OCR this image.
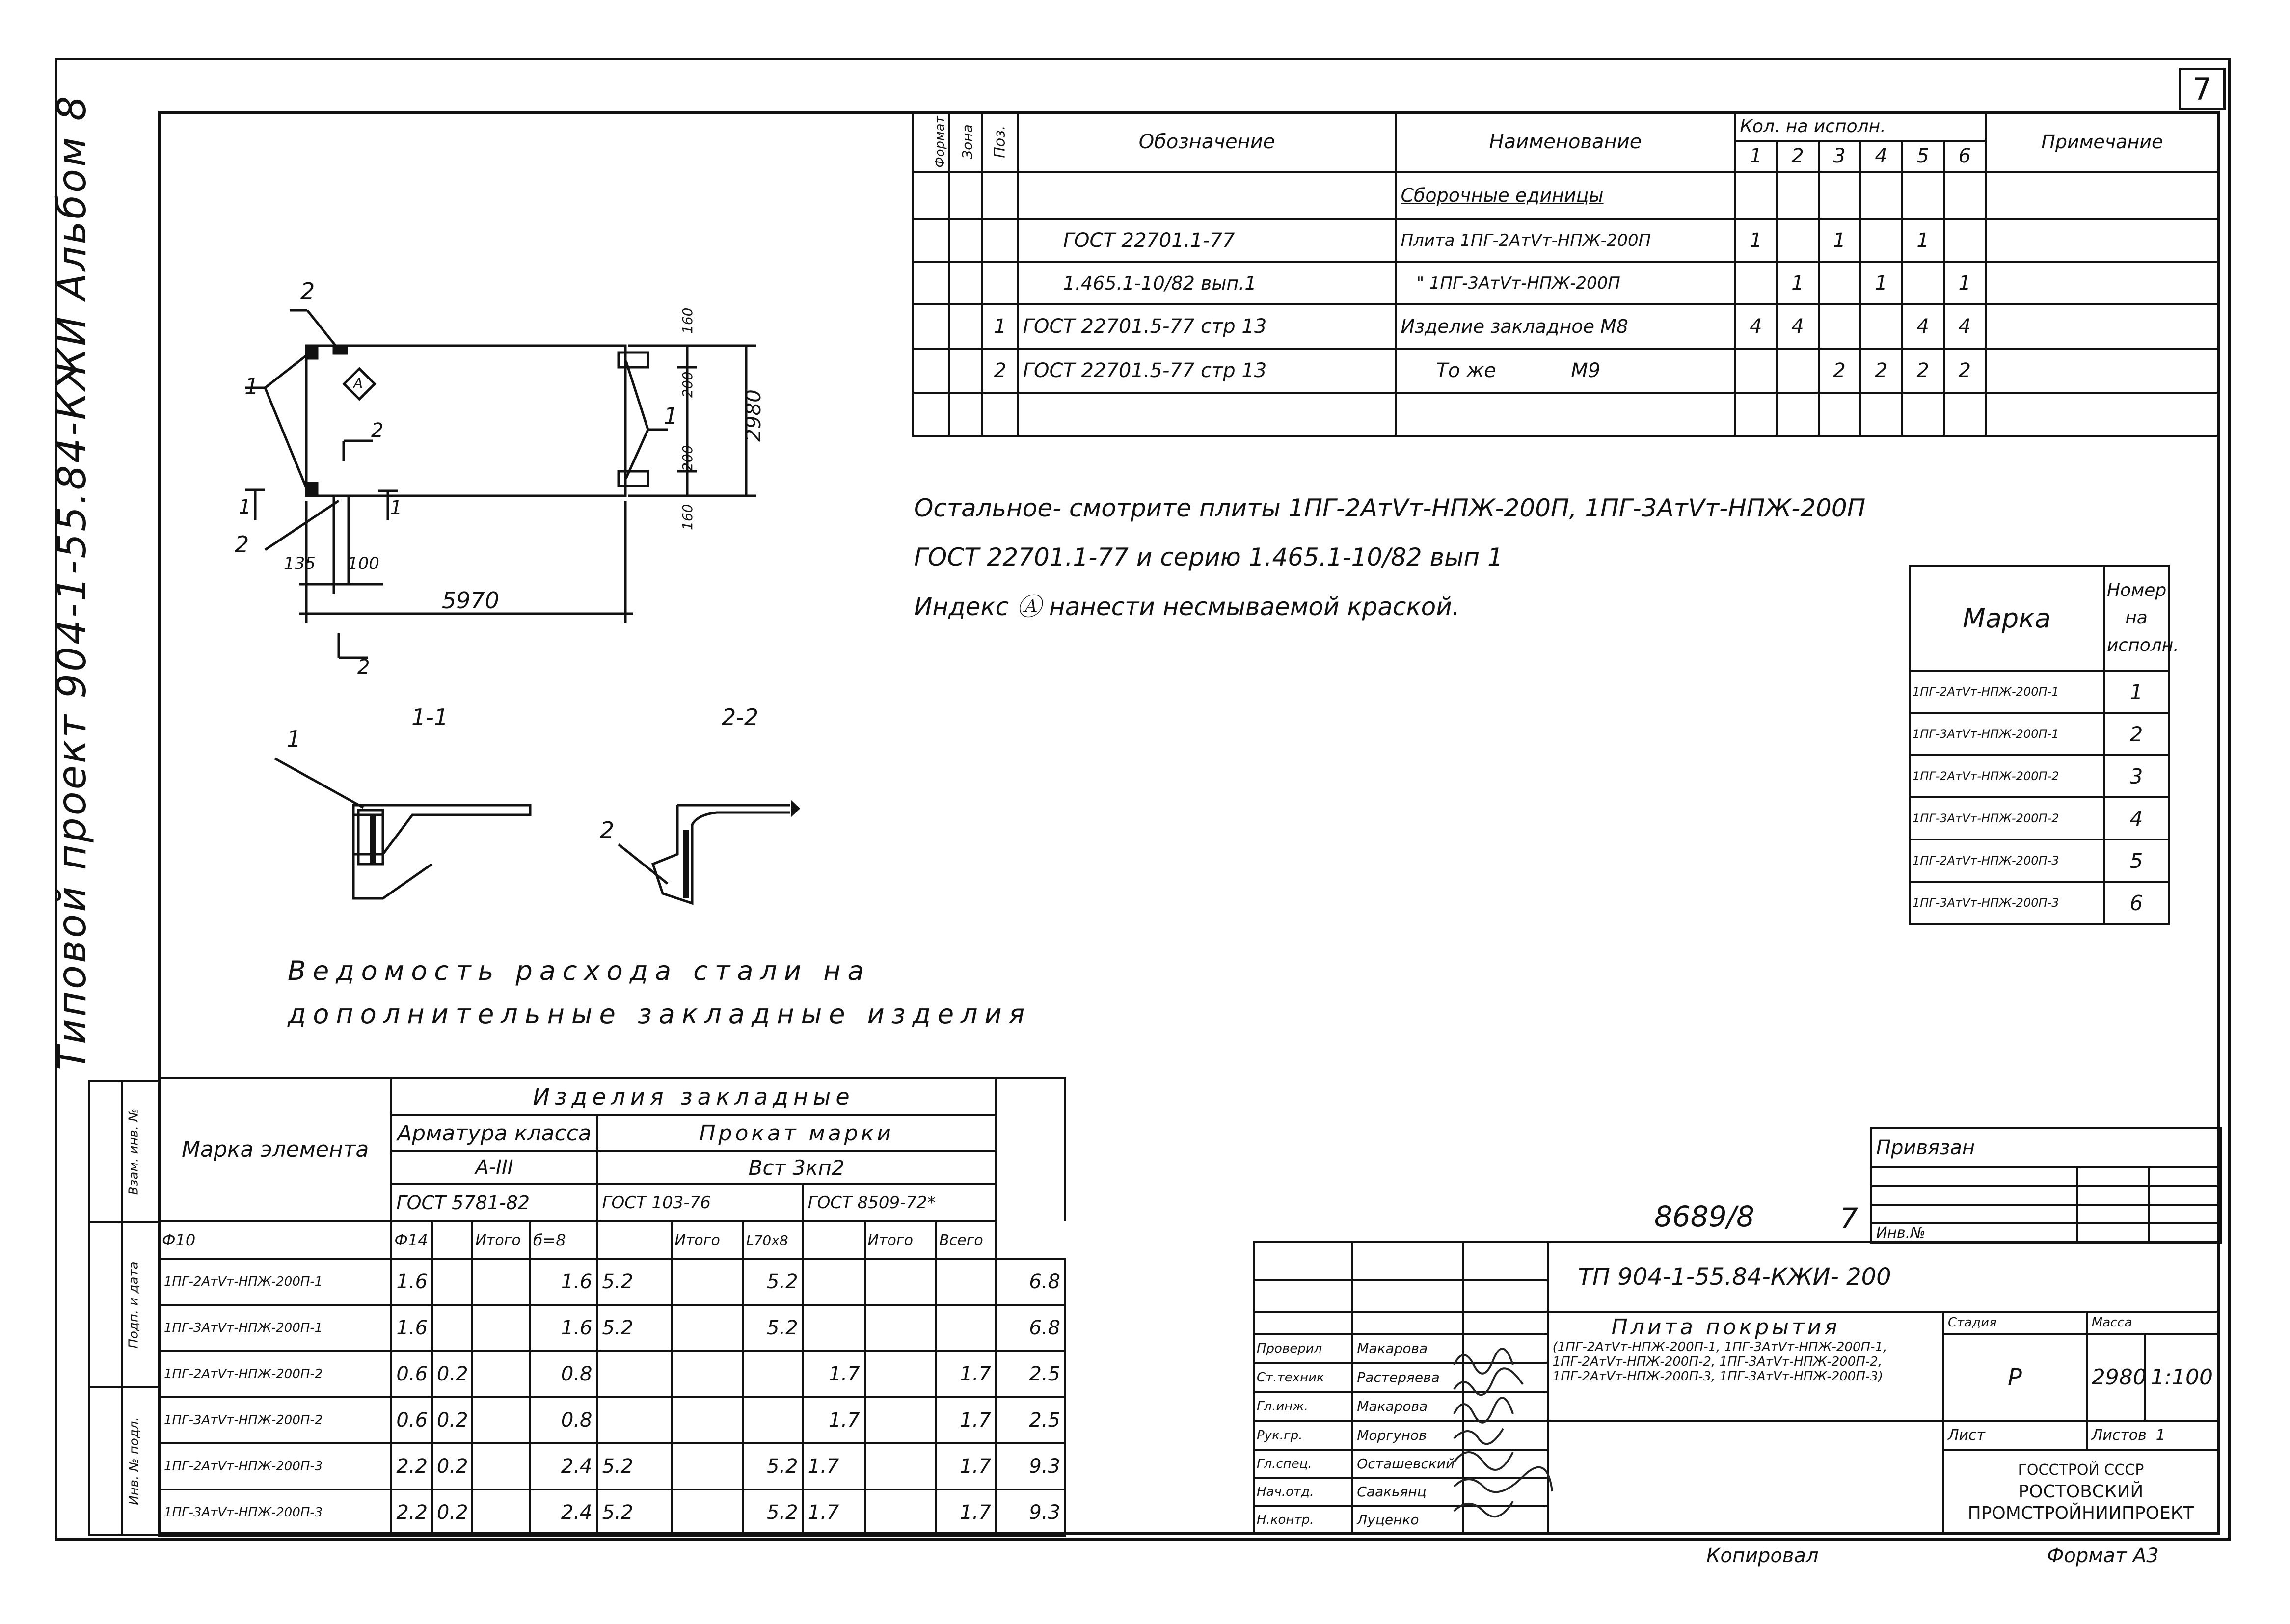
7
Типовой проект 904-1-55.84-КЖИ Альбом 8	Формат	Зона	Поз.	Обозначение	Наименование	Кол. на исполн.						Примечание
					1	2	3	4	5	6	
				Сборочные единицы							
			ГОСТ 22701.1-77	Плита 1ПГ-2АтVт-НПЖ-200П	1		1		1		
			1.465.1-10/82 вып.1	" 1ПГ-3АтVт-НПЖ-200П		1		1		1	
		1	ГОСТ 22701.5-77 стр 13	Изделие закладное М8	4	4			4	4	
		2	ГОСТ 22701.5-77 стр 13	То же            М9			2	2	2	2	

Остальное- смотрите плиты 1ПГ-2АтVт-НПЖ-200П, 1ПГ-3АтVт-НПЖ-200П
ГОСТ 22701.1-77 и серию 1.465.1-10/82 вып 1
Индекс Ⓐ нанести несмываемой краской.	Марка	Номер на исполн.
1ПГ-2АтVт-НПЖ-200П-1	1
1ПГ-3АтVт-НПЖ-200П-1	2
1ПГ-2АтVт-НПЖ-200П-2	3
1ПГ-3АтVт-НПЖ-200П-2	4
1ПГ-2АтVт-НПЖ-200П-3	5
1ПГ-3АтVт-НПЖ-200П-3	6
2
1
2
1
A
2
1	1
2
5970
135 100
2980
160
200
200
160
1-1	2-2
1
2
Ведомость расхода стали на
дополнительные закладные изделия
Взам. инв. №	
Подп. и дата	
Инв. № подл.	
Марка элемента	Изделия закладные										
	Арматура класса				Прокат марки						
	А-III				Вст 3кп2						
	ГОСТ 5781-82				ГОСТ 103-76			ГОСТ 8509-72*			
Ф10	Ф14		Итого	б=8		Итого	L70х8		Итого	Всего	
1ПГ-2АтVт-НПЖ-200П-1	1.6			1.6	5.2		5.2				6.8
1ПГ-3АтVт-НПЖ-200П-1	1.6			1.6	5.2		5.2				6.8
1ПГ-2АтVт-НПЖ-200П-2	0.6	0.2		0.8				1.7		1.7	2.5
1ПГ-3АтVт-НПЖ-200П-2	0.6	0.2		0.8				1.7		1.7	2.5
1ПГ-2АтVт-НПЖ-200П-3	2.2	0.2		2.4	5.2		5.2	1.7		1.7	9.3
1ПГ-3АтVт-НПЖ-200П-3	2.2	0.2		2.4	5.2		5.2	1.7		1.7	9.3
Привязан		

Инв.№		
8689/8	7
			ТП 904-1-55.84-КЖИ- 200			

			Плита покрытия
(1ПГ-2АтVт-НПЖ-200П-1, 1ПГ-3АтVт-НПЖ-200П-1,
1ПГ-2АтVт-НПЖ-200П-2, 1ПГ-3АтVт-НПЖ-200П-2,
1ПГ-2АтVт-НПЖ-200П-3, 1ПГ-3АтVт-НПЖ-200П-3)	Стадия	Масса	
Проверил	Макарова			Р	2980	1:100
Ст.техник	Растеряева					
Гл.инж.	Макарова					
Рук.гр.	Моргунов			Лист	Листов 1	
Гл.спец.	Осташевский			ГОССТРОЙ СССР
РОСТОВСКИЙ
ПРОМСТРОЙНИИПРОЕКТ		

Нач.отд.	Саакьянц					
Н.контр.	Луценко					
Копировал	Формат А3
